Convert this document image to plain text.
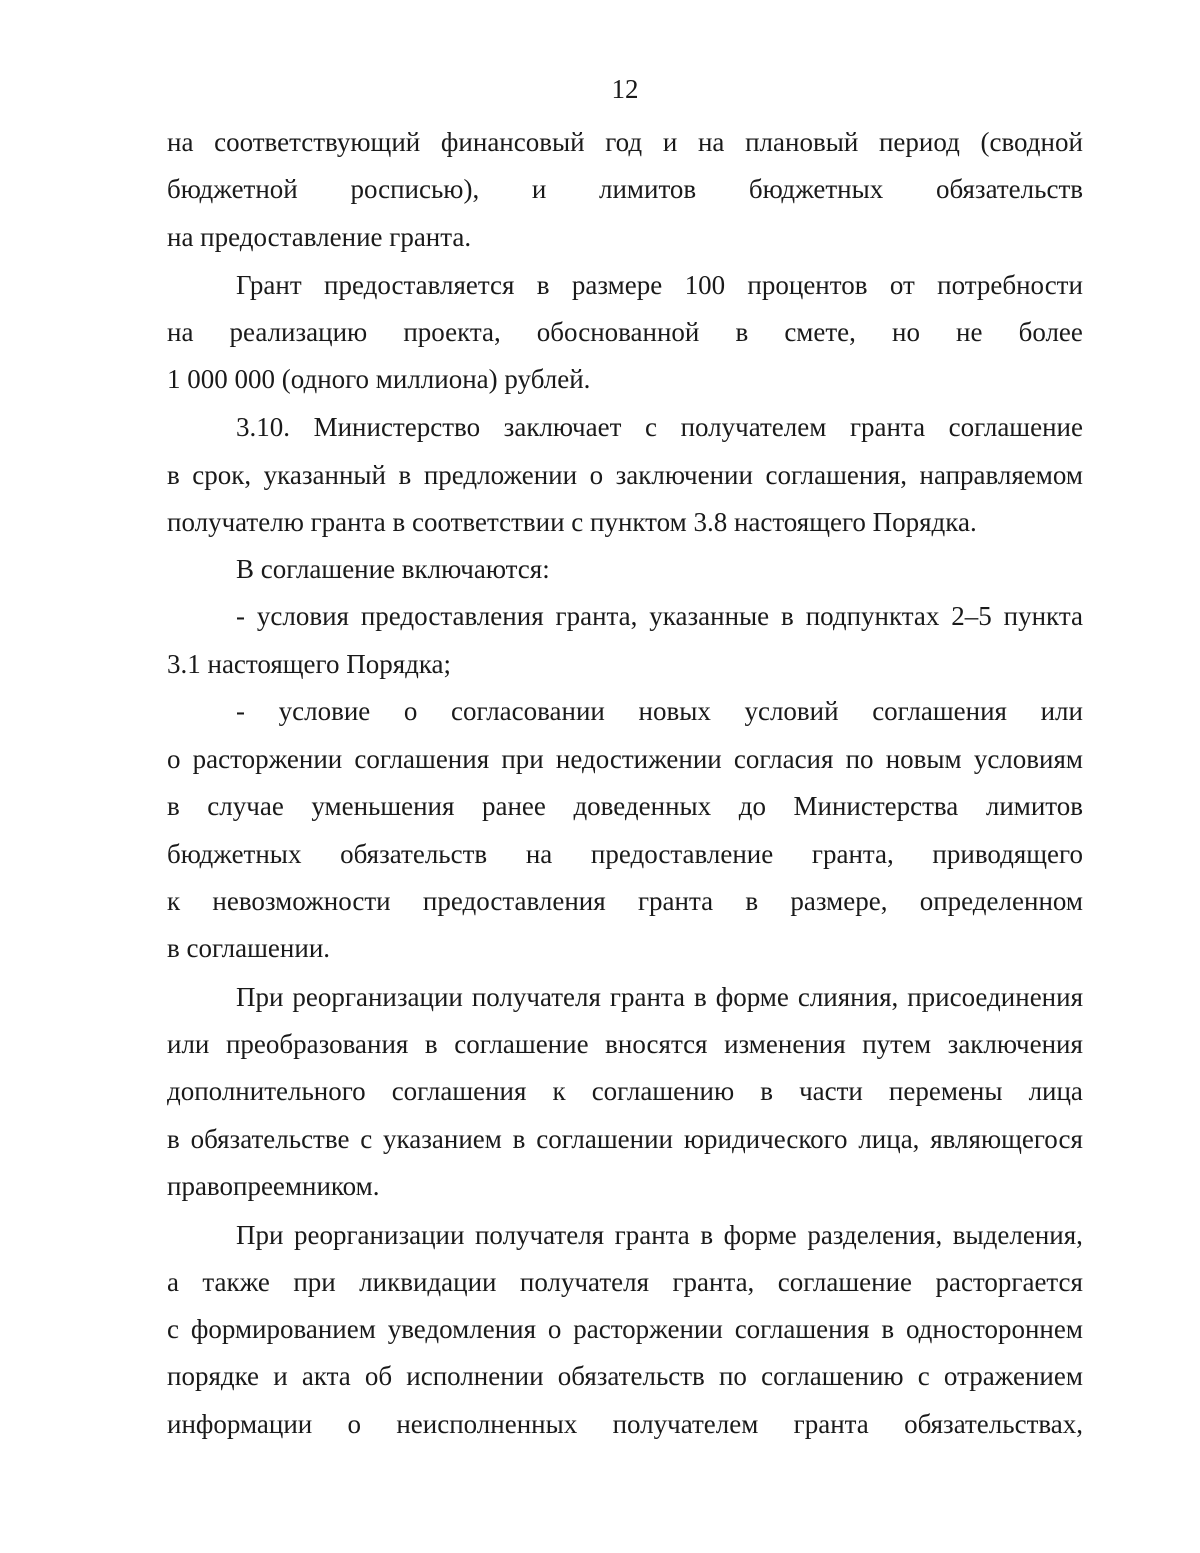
12
на соответствующий финансовый год и на плановый период (сводной
бюджетной росписью), и лимитов бюджетных обязательств
на предоставление гранта.
Грант предоставляется в размере 100 процентов от потребности
на реализацию проекта, обоснованной в смете, но не более
1 000 000 (одного миллиона) рублей.
3.10. Министерство заключает с получателем гранта соглашение
в срок, указанный в предложении о заключении соглашения, направляемом
получателю гранта в соответствии с пунктом 3.8 настоящего Порядка.
В соглашение включаются:
- условия предоставления гранта, указанные в подпунктах 2–5 пункта
3.1 настоящего Порядка;
- условие о согласовании новых условий соглашения или
о расторжении соглашения при недостижении согласия по новым условиям
в случае уменьшения ранее доведенных до Министерства лимитов
бюджетных обязательств на предоставление гранта, приводящего
к невозможности предоставления гранта в размере, определенном
в соглашении.
При реорганизации получателя гранта в форме слияния, присоединения
или преобразования в соглашение вносятся изменения путем заключения
дополнительного соглашения к соглашению в части перемены лица
в обязательстве с указанием в соглашении юридического лица, являющегося
правопреемником.
При реорганизации получателя гранта в форме разделения, выделения,
а также при ликвидации получателя гранта, соглашение расторгается
с формированием уведомления о расторжении соглашения в одностороннем
порядке и акта об исполнении обязательств по соглашению с отражением
информации о неисполненных получателем гранта обязательствах,
